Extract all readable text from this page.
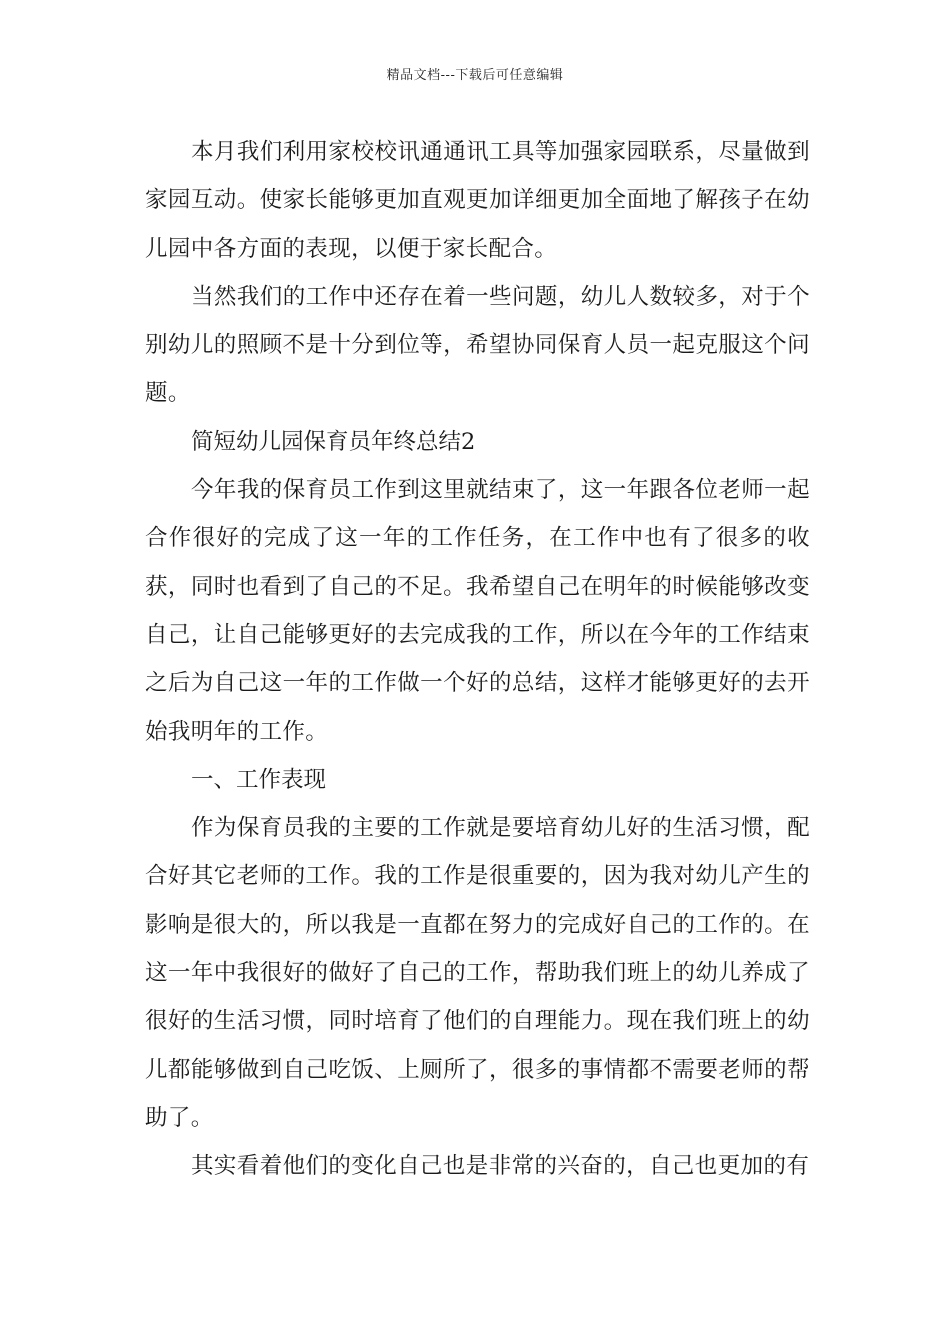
精品文档---下载后可任意编辑

本月我们利用家校校讯通通讯工具等加强家园联系，尽量做到家园互动。使家长能够更加直观更加详细更加全面地了解孩子在幼儿园中各方面的表现，以便于家长配合。

当然我们的工作中还存在着一些问题，幼儿人数较多，对于个别幼儿的照顾不是十分到位等，希望协同保育人员一起克服这个问题。

简短幼儿园保育员年终总结2

今年我的保育员工作到这里就结束了，这一年跟各位老师一起合作很好的完成了这一年的工作任务，在工作中也有了很多的收获，同时也看到了自己的不足。我希望自己在明年的时候能够改变自己，让自己能够更好的去完成我的工作，所以在今年的工作结束之后为自己这一年的工作做一个好的总结，这样才能够更好的去开始我明年的工作。

一、工作表现

作为保育员我的主要的工作就是要培育幼儿好的生活习惯，配合好其它老师的工作。我的工作是很重要的，因为我对幼儿产生的影响是很大的，所以我是一直都在努力的完成好自己的工作的。在这一年中我很好的做好了自己的工作，帮助我们班上的幼儿养成了很好的生活习惯，同时培育了他们的自理能力。现在我们班上的幼儿都能够做到自己吃饭、上厕所了，很多的事情都不需要老师的帮助了。

其实看着他们的变化自己也是非常的兴奋的，自己也更加的有
